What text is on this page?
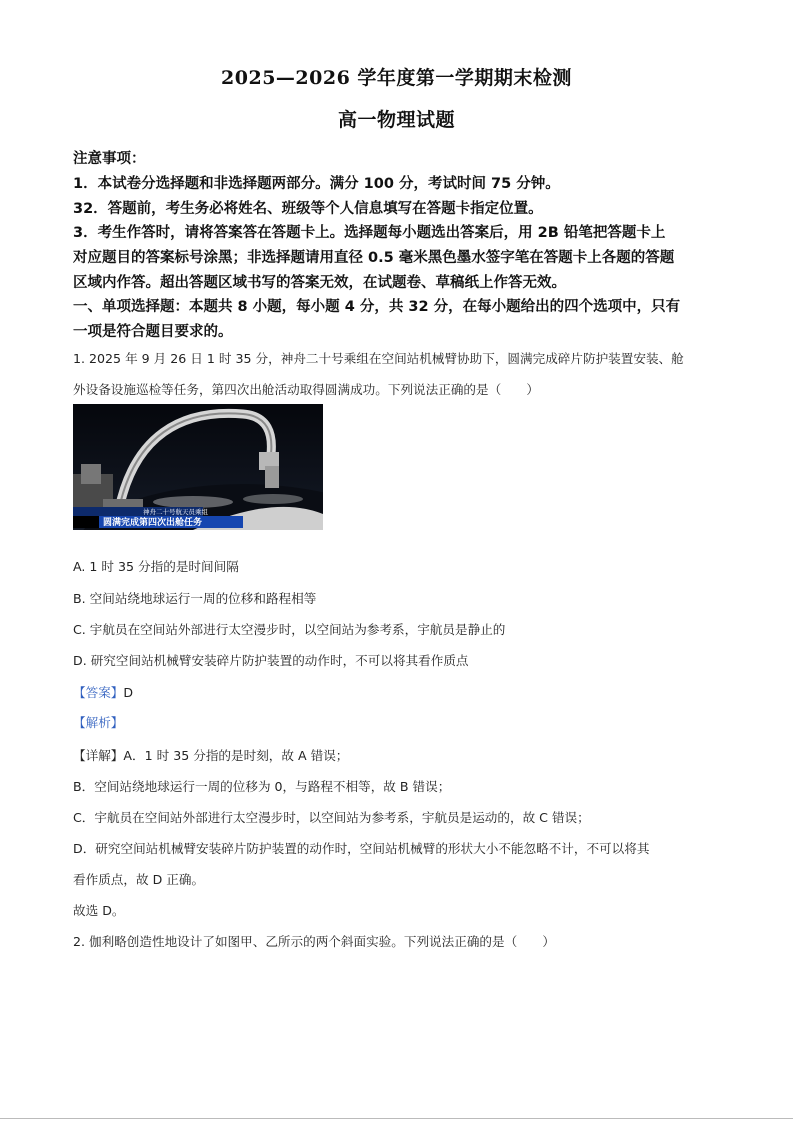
2025—2026 学年度第一学期期末检测
高一物理试题
注意事项：
1．本试卷分选择题和非选择题两部分。满分 100 分，考试时间 75 分钟。
32．答题前，考生务必将姓名、班级等个人信息填写在答题卡指定位置。
3．考生作答时，请将答案答在答题卡上。选择题每小题选出答案后，用 2B 铅笔把答题卡上
对应题目的答案标号涂黑；非选择题请用直径 0.5 毫米黑色墨水签字笔在答题卡上各题的答题
区域内作答。超出答题区域书写的答案无效，在试题卷、草稿纸上作答无效。
一、单项选择题：本题共 8 小题，每小题 4 分，共 32 分，在每小题给出的四个选项中，只有
一项是符合题目要求的。
1. 2025 年 9 月 26 日 1 时 35 分，神舟二十号乘组在空间站机械臂协助下，圆满完成碎片防护装置安装、舱
外设备设施巡检等任务，第四次出舱活动取得圆满成功。下列说法正确的是（　　）
神舟二十号航天员乘组
圆满完成第四次出舱任务
A. 1 时 35 分指的是时间间隔
B. 空间站绕地球运行一周的位移和路程相等
C. 宇航员在空间站外部进行太空漫步时，以空间站为参考系，宇航员是静止的
D. 研究空间站机械臂安装碎片防护装置的动作时，不可以将其看作质点
【答案】D
【解析】
【详解】A．1 时 35 分指的是时刻，故 A 错误；
B．空间站绕地球运行一周的位移为 0，与路程不相等，故 B 错误；
C．宇航员在空间站外部进行太空漫步时，以空间站为参考系，宇航员是运动的，故 C 错误；
D．研究空间站机械臂安装碎片防护装置的动作时，空间站机械臂的形状大小不能忽略不计，不可以将其
看作质点，故 D 正确。
故选 D。
2. 伽利略创造性地设计了如图甲、乙所示的两个斜面实验。下列说法正确的是（　　）
